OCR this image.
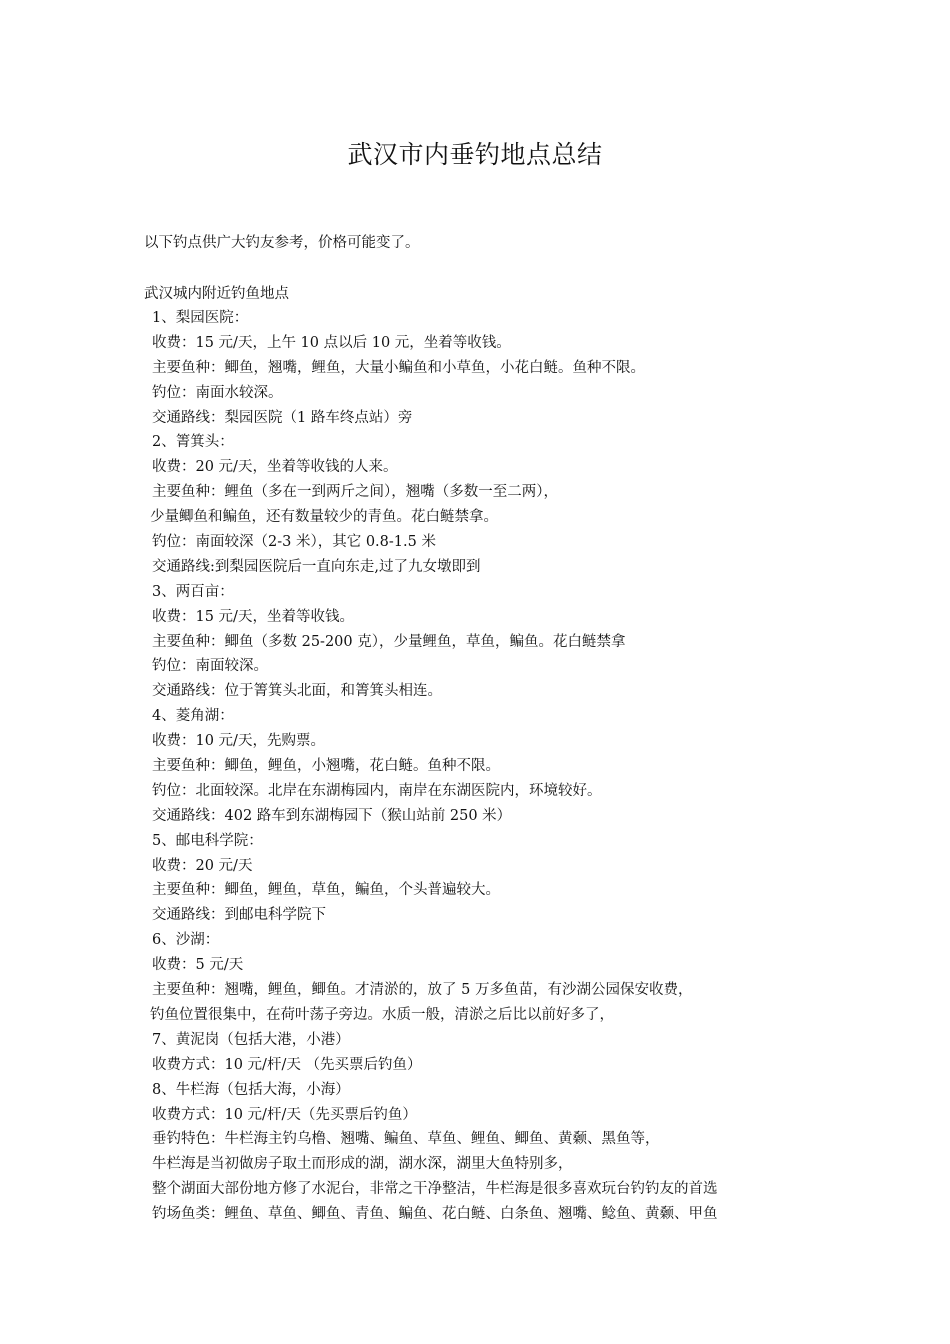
武汉市内垂钓地点总结
以下钓点供广大钓友参考，价格可能变了。
武汉城内附近钓鱼地点
1、梨园医院：
收费：15 元/天，上午 10 点以后 10 元，坐着等收钱。
主要鱼种：鲫鱼，翘嘴，鲤鱼，大量小鳊鱼和小草鱼，小花白鲢。鱼种不限。
钓位：南面水较深。
交通路线：梨园医院（1 路车终点站）旁
2、箐箕头：
收费：20 元/天，坐着等收钱的人来。
主要鱼种：鲤鱼（多在一到两斤之间），翘嘴（多数一至二两），
少量鲫鱼和鳊鱼，还有数量较少的青鱼。花白鲢禁拿。
钓位：南面较深（2-3 米），其它 0.8-1.5 米
交通路线:到梨园医院后一直向东走,过了九女墩即到
3、两百亩：
收费：15 元/天，坐着等收钱。
主要鱼种：鲫鱼（多数 25-200 克），少量鲤鱼，草鱼，鳊鱼。花白鲢禁拿
钓位：南面较深。
交通路线：位于箐箕头北面，和箐箕头相连。
4、菱角湖：
收费：10 元/天，先购票。
主要鱼种：鲫鱼，鲤鱼，小翘嘴，花白鲢。鱼种不限。
钓位：北面较深。北岸在东湖梅园内，南岸在东湖医院内，环境较好。
交通路线：402 路车到东湖梅园下（猴山站前 250 米）
5、邮电科学院：
收费：20 元/天
主要鱼种：鲫鱼，鲤鱼，草鱼，鳊鱼，个头普遍较大。
交通路线：到邮电科学院下
6、沙湖：
收费：5 元/天
主要鱼种：翘嘴，鲤鱼，鲫鱼。才清淤的，放了 5 万多鱼苗，有沙湖公园保安收费，
钓鱼位置很集中，在荷叶荡子旁边。水质一般，清淤之后比以前好多了，
7、黄泥岗（包括大港，小港）
收费方式：10 元/杆/天 （先买票后钓鱼）
8、牛栏海（包括大海，小海）
收费方式：10 元/杆/天（先买票后钓鱼）
垂钓特色：牛栏海主钓乌橹、翘嘴、鳊鱼、草鱼、鲤鱼、鲫鱼、黄颡、黑鱼等，
牛栏海是当初做房子取土而形成的湖，湖水深，湖里大鱼特别多，
整个湖面大部份地方修了水泥台，非常之干净整洁，牛栏海是很多喜欢玩台钓钓友的首选
钓场鱼类：鲤鱼、草鱼、鲫鱼、青鱼、鳊鱼、花白鲢、白条鱼、翘嘴、鲶鱼、黄颡、甲鱼
